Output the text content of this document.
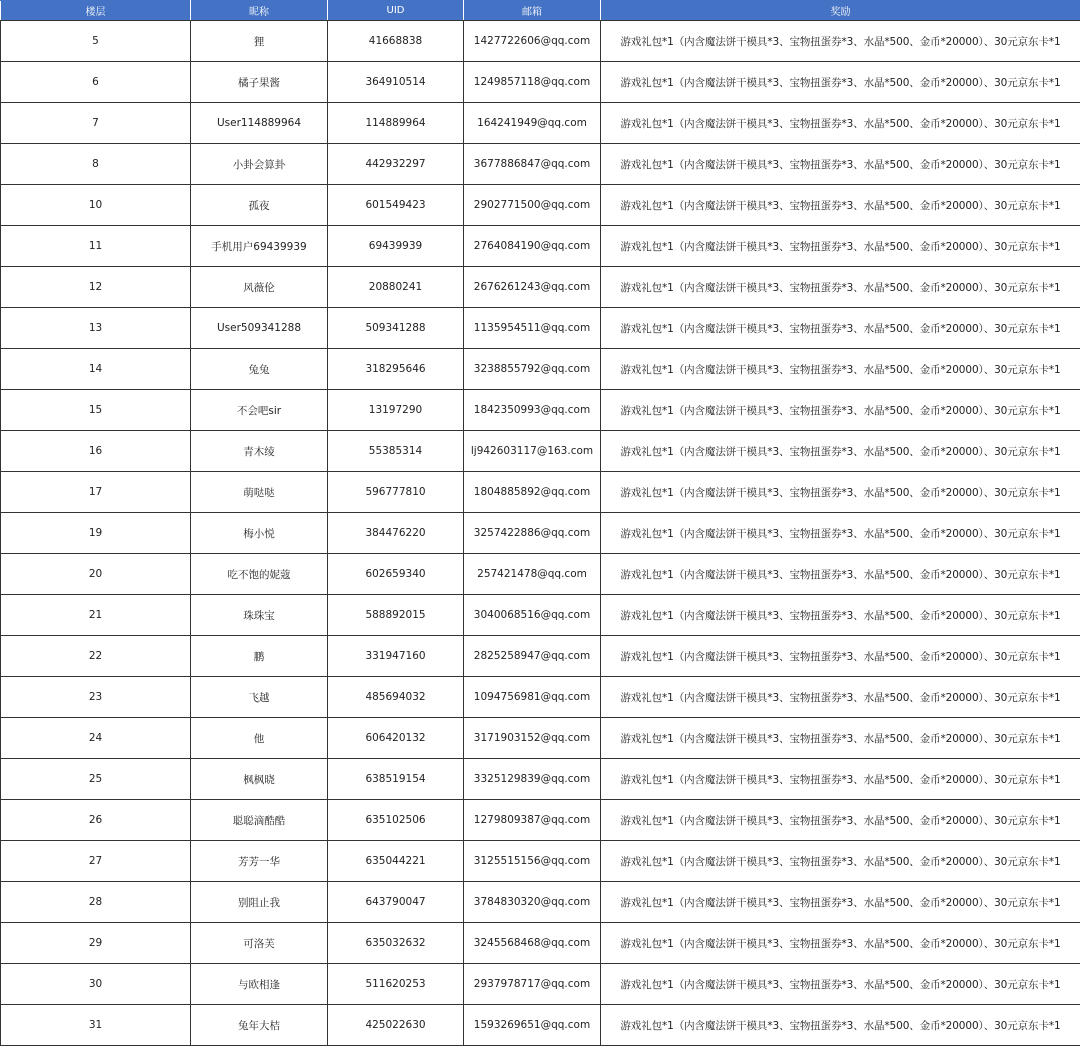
楼层	昵称	UID	邮箱	奖励
5	狸	41668838	1427722606@qq.com	游戏礼包*1（内含魔法饼干模具*3、宝物扭蛋券*3、水晶*500、金币*20000）、30元京东卡*1
6	橘子果酱	364910514	1249857118@qq.com	游戏礼包*1（内含魔法饼干模具*3、宝物扭蛋券*3、水晶*500、金币*20000）、30元京东卡*1
7	User114889964	114889964	164241949@qq.com	游戏礼包*1（内含魔法饼干模具*3、宝物扭蛋券*3、水晶*500、金币*20000）、30元京东卡*1
8	小卦会算卦	442932297	3677886847@qq.com	游戏礼包*1（内含魔法饼干模具*3、宝物扭蛋券*3、水晶*500、金币*20000）、30元京东卡*1
10	孤夜	601549423	2902771500@qq.com	游戏礼包*1（内含魔法饼干模具*3、宝物扭蛋券*3、水晶*500、金币*20000）、30元京东卡*1
11	手机用户69439939	69439939	2764084190@qq.com	游戏礼包*1（内含魔法饼干模具*3、宝物扭蛋券*3、水晶*500、金币*20000）、30元京东卡*1
12	风薇伦	20880241	2676261243@qq.com	游戏礼包*1（内含魔法饼干模具*3、宝物扭蛋券*3、水晶*500、金币*20000）、30元京东卡*1
13	User509341288	509341288	1135954511@qq.com	游戏礼包*1（内含魔法饼干模具*3、宝物扭蛋券*3、水晶*500、金币*20000）、30元京东卡*1
14	兔兔	318295646	3238855792@qq.com	游戏礼包*1（内含魔法饼干模具*3、宝物扭蛋券*3、水晶*500、金币*20000）、30元京东卡*1
15	不会吧sir	13197290	1842350993@qq.com	游戏礼包*1（内含魔法饼干模具*3、宝物扭蛋券*3、水晶*500、金币*20000）、30元京东卡*1
16	青木绫	55385314	lj942603117@163.com	游戏礼包*1（内含魔法饼干模具*3、宝物扭蛋券*3、水晶*500、金币*20000）、30元京东卡*1
17	萌哒哒	596777810	1804885892@qq.com	游戏礼包*1（内含魔法饼干模具*3、宝物扭蛋券*3、水晶*500、金币*20000）、30元京东卡*1
19	梅小悦	384476220	3257422886@qq.com	游戏礼包*1（内含魔法饼干模具*3、宝物扭蛋券*3、水晶*500、金币*20000）、30元京东卡*1
20	吃不饱的妮蔻	602659340	257421478@qq.com	游戏礼包*1（内含魔法饼干模具*3、宝物扭蛋券*3、水晶*500、金币*20000）、30元京东卡*1
21	珠珠宝	588892015	3040068516@qq.com	游戏礼包*1（内含魔法饼干模具*3、宝物扭蛋券*3、水晶*500、金币*20000）、30元京东卡*1
22	鹏	331947160	2825258947@qq.com	游戏礼包*1（内含魔法饼干模具*3、宝物扭蛋券*3、水晶*500、金币*20000）、30元京东卡*1
23	飞越	485694032	1094756981@qq.com	游戏礼包*1（内含魔法饼干模具*3、宝物扭蛋券*3、水晶*500、金币*20000）、30元京东卡*1
24	他	606420132	3171903152@qq.com	游戏礼包*1（内含魔法饼干模具*3、宝物扭蛋券*3、水晶*500、金币*20000）、30元京东卡*1
25	枫枫晓	638519154	3325129839@qq.com	游戏礼包*1（内含魔法饼干模具*3、宝物扭蛋券*3、水晶*500、金币*20000）、30元京东卡*1
26	聪聪滴酷酷	635102506	1279809387@qq.com	游戏礼包*1（内含魔法饼干模具*3、宝物扭蛋券*3、水晶*500、金币*20000）、30元京东卡*1
27	芳芳一华	635044221	3125515156@qq.com	游戏礼包*1（内含魔法饼干模具*3、宝物扭蛋券*3、水晶*500、金币*20000）、30元京东卡*1
28	别阻止我	643790047	3784830320@qq.com	游戏礼包*1（内含魔法饼干模具*3、宝物扭蛋券*3、水晶*500、金币*20000）、30元京东卡*1
29	可洛芙	635032632	3245568468@qq.com	游戏礼包*1（内含魔法饼干模具*3、宝物扭蛋券*3、水晶*500、金币*20000）、30元京东卡*1
30	与欧相逢	511620253	2937978717@qq.com	游戏礼包*1（内含魔法饼干模具*3、宝物扭蛋券*3、水晶*500、金币*20000）、30元京东卡*1
31	兔年大桔	425022630	1593269651@qq.com	游戏礼包*1（内含魔法饼干模具*3、宝物扭蛋券*3、水晶*500、金币*20000）、30元京东卡*1
